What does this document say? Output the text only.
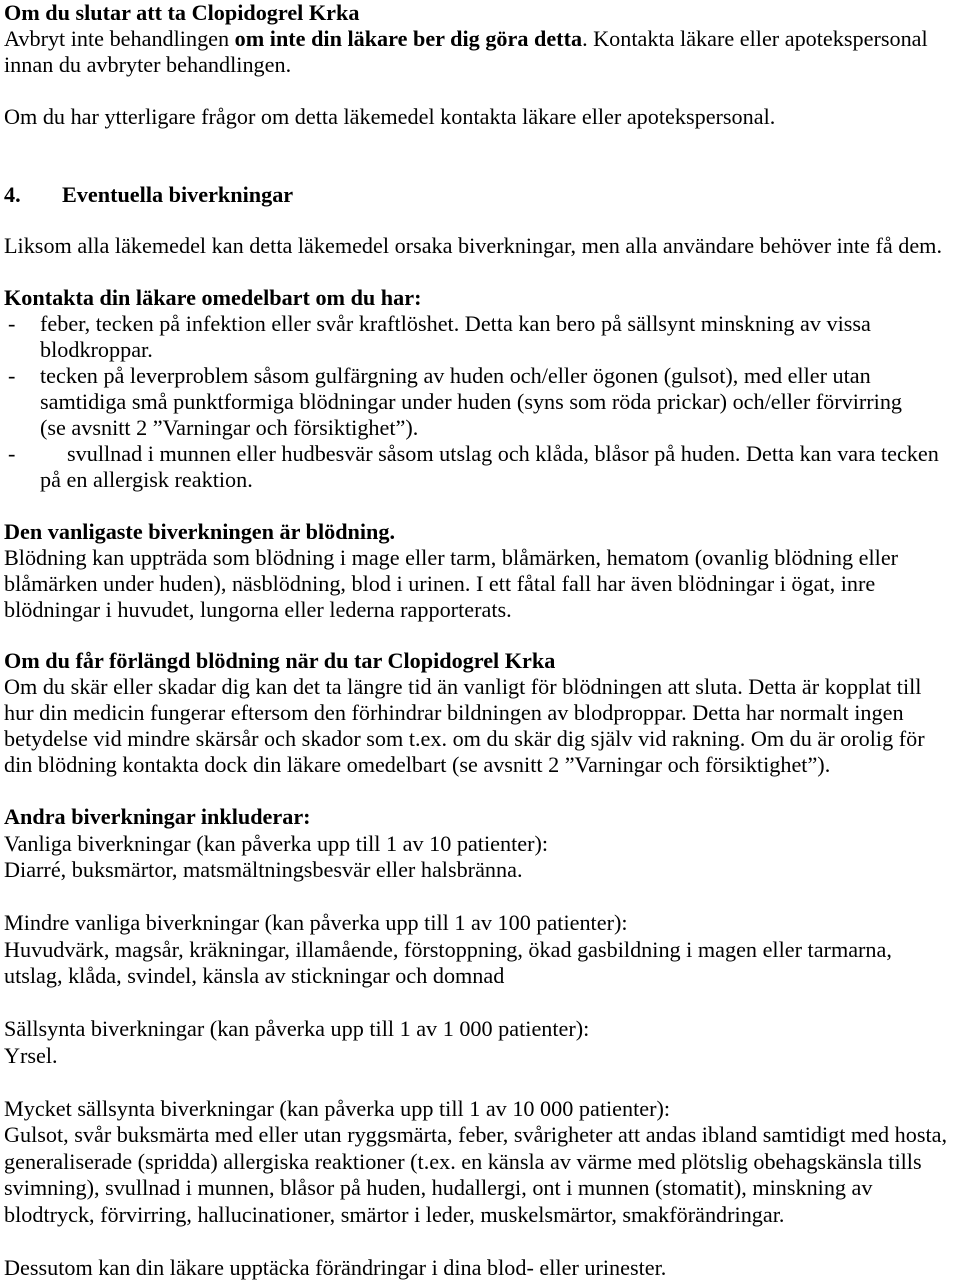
Om du slutar att ta Clopidogrel Krka
Avbryt inte behandlingen om inte din läkare ber dig göra detta. Kontakta läkare eller apotekspersonal
innan du avbryter behandlingen.
Om du har ytterligare frågor om detta läkemedel kontakta läkare eller apotekspersonal.
4. Eventuella biverkningar
Liksom alla läkemedel kan detta läkemedel orsaka biverkningar, men alla användare behöver inte få dem.
Kontakta din läkare omedelbart om du har:
- feber, tecken på infektion eller svår kraftlöshet. Detta kan bero på sällsynt minskning av vissa
blodkroppar.
- tecken på leverproblem såsom gulfärgning av huden och/eller ögonen (gulsot), med eller utan
samtidiga små punktformiga blödningar under huden (syns som röda prickar) och/eller förvirring
(se avsnitt 2 ”Varningar och försiktighet”).
-	svullnad i munnen eller hudbesvär såsom utslag och klåda, blåsor på huden. Detta kan vara tecken
på en allergisk reaktion.
Den vanligaste biverkningen är blödning.
Blödning kan uppträda som blödning i mage eller tarm, blåmärken, hematom (ovanlig blödning eller
blåmärken under huden), näsblödning, blod i urinen. I ett fåtal fall har även blödningar i ögat, inre
blödningar i huvudet, lungorna eller lederna rapporterats.
Om du får förlängd blödning när du tar Clopidogrel Krka
Om du skär eller skadar dig kan det ta längre tid än vanligt för blödningen att sluta. Detta är kopplat till
hur din medicin fungerar eftersom den förhindrar bildningen av blodproppar. Detta har normalt ingen
betydelse vid mindre skärsår och skador som t.ex. om du skär dig själv vid rakning. Om du är orolig för
din blödning kontakta dock din läkare omedelbart (se avsnitt 2 ”Varningar och försiktighet”).
Andra biverkningar inkluderar:
Vanliga biverkningar (kan påverka upp till 1 av 10 patienter):
Diarré, buksmärtor, matsmältningsbesvär eller halsbränna.
Mindre vanliga biverkningar (kan påverka upp till 1 av 100 patienter):
Huvudvärk, magsår, kräkningar, illamående, förstoppning, ökad gasbildning i magen eller tarmarna,
utslag, klåda, svindel, känsla av stickningar och domnad
Sällsynta biverkningar (kan påverka upp till 1 av 1 000 patienter):
Yrsel.
Mycket sällsynta biverkningar (kan påverka upp till 1 av 10 000 patienter):
Gulsot, svår buksmärta med eller utan ryggsmärta, feber, svårigheter att andas ibland samtidigt med hosta,
generaliserade (spridda) allergiska reaktioner (t.ex. en känsla av värme med plötslig obehagskänsla tills
svimning), svullnad i munnen, blåsor på huden, hudallergi, ont i munnen (stomatit), minskning av
blodtryck, förvirring, hallucinationer, smärtor i leder, muskelsmärtor, smakförändringar.
Dessutom kan din läkare upptäcka förändringar i dina blod- eller urinester.
